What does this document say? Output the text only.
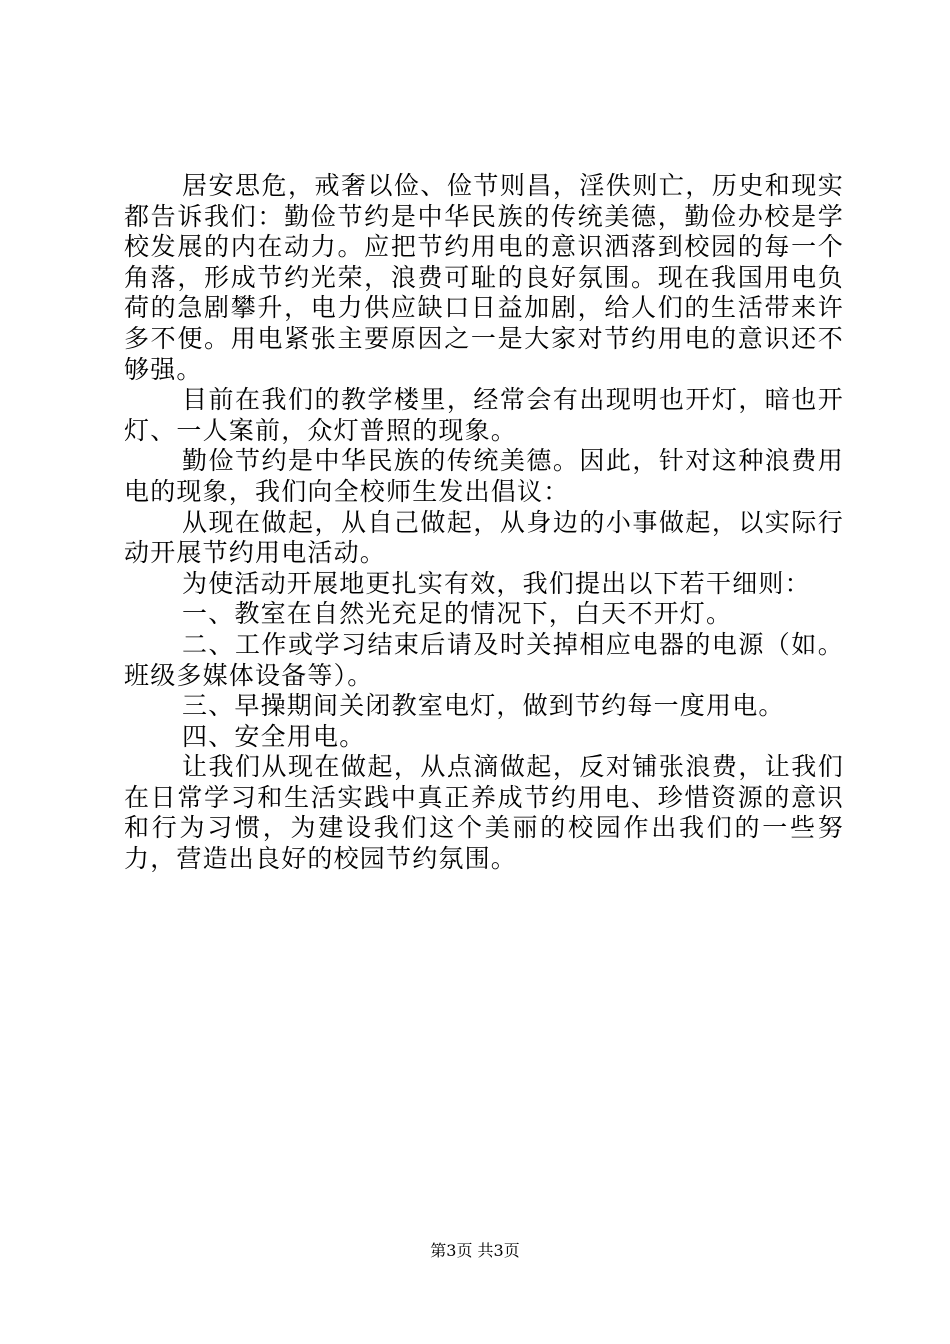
居安思危，戒奢以俭、俭节则昌，淫佚则亡，历史和现实都告诉我们：勤俭节约是中华民族的传统美德，勤俭办校是学校发展的内在动力。应把节约用电的意识洒落到校园的每一个角落，形成节约光荣，浪费可耻的良好氛围。现在我国用电负荷的急剧攀升，电力供应缺口日益加剧，给人们的生活带来许多不便。用电紧张主要原因之一是大家对节约用电的意识还不够强。

目前在我们的教学楼里，经常会有出现明也开灯，暗也开灯、一人案前，众灯普照的现象。

勤俭节约是中华民族的传统美德。因此，针对这种浪费用电的现象，我们向全校师生发出倡议：

从现在做起，从自己做起，从身边的小事做起，以实际行动开展节约用电活动。

为使活动开展地更扎实有效，我们提出以下若干细则：

一、教室在自然光充足的情况下，白天不开灯。

二、工作或学习结束后请及时关掉相应电器的电源（如。班级多媒体设备等）。

三、早操期间关闭教室电灯，做到节约每一度用电。

四、安全用电。

让我们从现在做起，从点滴做起，反对铺张浪费，让我们在日常学习和生活实践中真正养成节约用电、珍惜资源的意识和行为习惯，为建设我们这个美丽的校园作出我们的一些努力，营造出良好的校园节约氛围。

第3页 共3页
